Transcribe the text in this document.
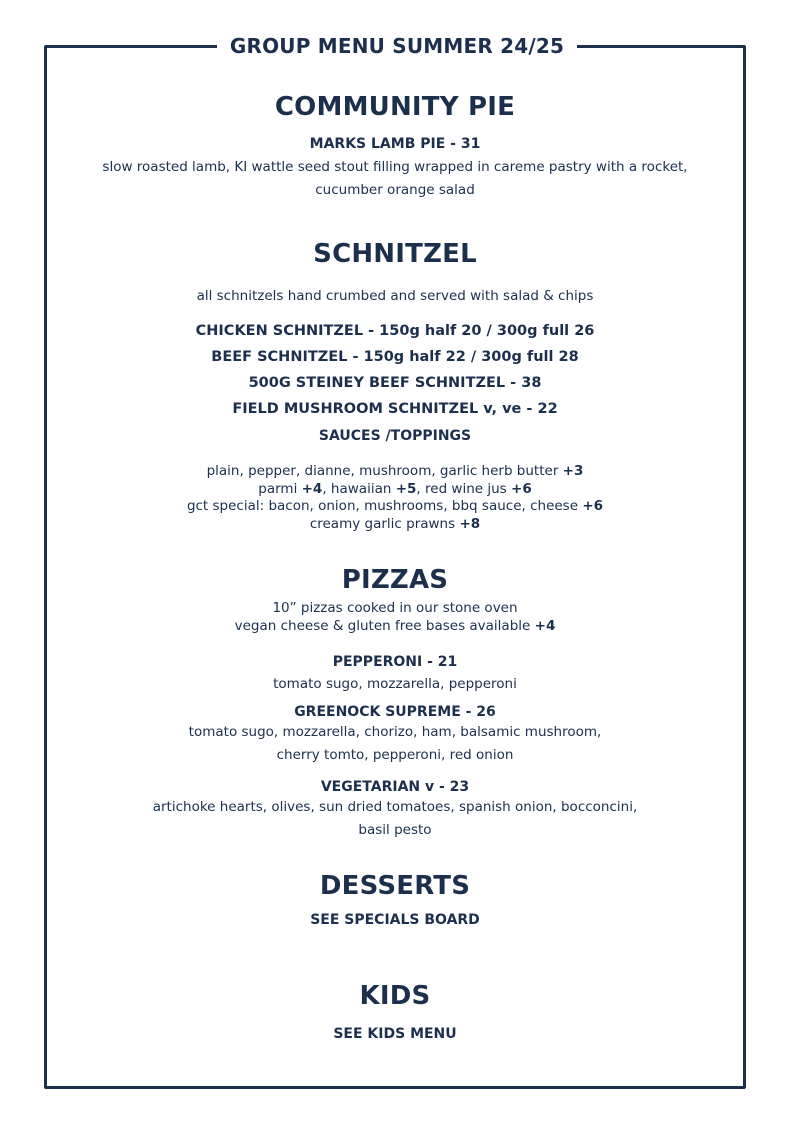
GROUP MENU SUMMER 24/25
COMMUNITY PIE

MARKS LAMB PIE - 31

slow roasted lamb, KI wattle seed stout filling wrapped in careme pastry with a rocket,
cucumber orange salad

SCHNITZEL

all schnitzels hand crumbed and served with salad & chips

CHICKEN SCHNITZEL - 150g half 20 / 300g full 26

BEEF SCHNITZEL - 150g half 22 / 300g full 28

500G STEINEY BEEF SCHNITZEL - 38

FIELD MUSHROOM SCHNITZEL v, ve - 22

SAUCES /TOPPINGS

plain, pepper, dianne, mushroom, garlic herb butter +3
parmi +4, hawaiian +5, red wine jus +6
gct special: bacon, onion, mushrooms, bbq sauce, cheese +6
creamy garlic prawns +8
PIZZAS
10” pizzas cooked in our stone oven
vegan cheese & gluten free bases available +4

PEPPERONI - 21

tomato sugo, mozzarella, pepperoni

GREENOCK SUPREME - 26

tomato sugo, mozzarella, chorizo, ham, balsamic mushroom,
cherry tomto, pepperoni, red onion

VEGETARIAN v - 23

artichoke hearts, olives, sun dried tomatoes, spanish onion, bocconcini,
basil pesto

DESSERTS

SEE SPECIALS BOARD

KIDS

SEE KIDS MENU
